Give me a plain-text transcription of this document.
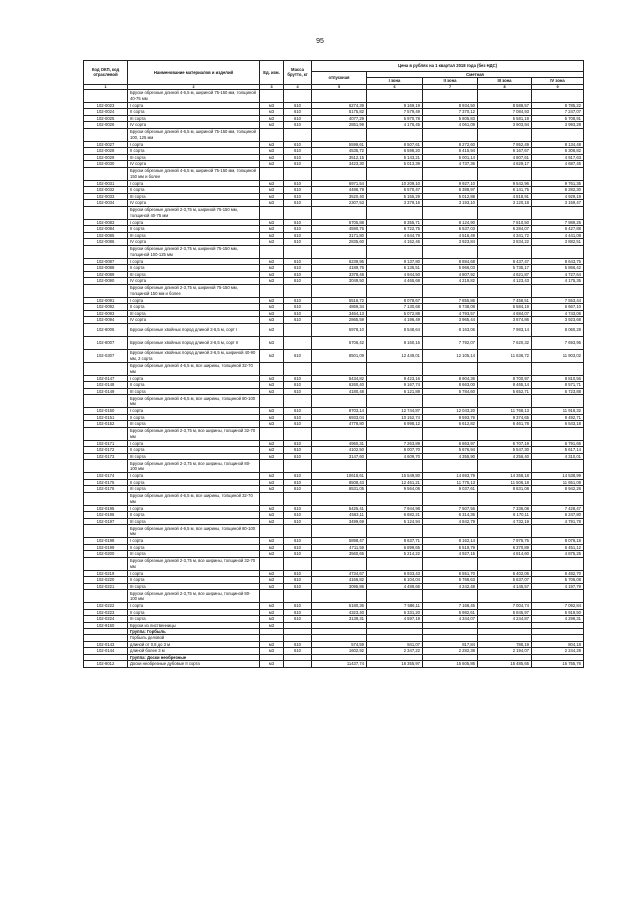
95
Код ОКП, код отраслевой	Наименование материалов и изделий	Ед. изм.	Масса брутто, кг	Цена в рублях на 1 квартал 2018 года (без НДС)				
				отпускная	Сметная			
					I зона	II зона	III зона	IV зона
1	2	3	4	5	6	7	8	9
	Бруски обрезные длиной 4-6,5 м, шириной 75-150 мм, толщиной 40-75 мм							
102-0023	I сорта	м3	610	6274,39	9 169,19	8 934,50	8 588,57	8 785,22
102-0024	II сорта	м3	610	5175,82	7 579,49	7 370,12	7 084,93	7 247,07
102-0025	III сорта	м3	610	4077,29	5 970,78	5 805,83	5 581,19	5 708,91
102-0026	IV сорта	м3	610	2851,99	4 176,45	4 061,09	3 903,94	3 993,28
	Бруски обрезные длиной 4-6,5 м, шириной 75-150 мм, толщиной 100, 125 мм							
102-0027	I сорта	м3	610	5599,61	8 507,61	8 272,60	7 952,49	8 134,48
102-0028	II сорта	м3	610	4535,72	6 598,20	6 415,94	6 167,67	6 308,82
102-0029	III сорта	м3	610	3512,15	5 143,21	5 001,14	4 807,61	4 917,63
102-0030	IV сорта	м3	610	3423,30	5 013,39	4 737,36	4 629,17	4 687,45
	Бруски обрезные длиной 4-6,5 м, шириной 75-150 мм, толщиной 150 мм и более							
102-0031	I сорта	м3	610	6971,54	10 209,10	9 927,10	9 542,96	9 761,35
102-0032	II сорта	м3	610	4486,79	6 570,47	6 388,97	6 141,75	6 282,30
102-0033	III сорта	м3	610	3520,40	5 155,29	5 012,88	4 818,91	4 929,19
102-0034	IV сорта	м3	610	2307,53	3 379,16	3 193,10	3 120,18	3 159,47
	Бруски обрезные длиной 2-3,75 м, шириной 75-150 мм, толщиной 40-75 мм							
102-0083	I сорта	м3	610	5705,88	8 355,71	8 124,90	7 810,50	7 989,25
102-0084	II сорта	м3	610	4590,76	6 722,75	6 537,03	6 284,07	6 427,88
102-0085	III сорта	м3	610	3171,80	4 644,79	4 516,49	4 341,72	4 441,08
102-0086	IV сорта	м3	610	2835,60	4 152,46	3 923,84	3 834,22	3 882,51
	Бруски обрезные длиной 2-3,75 м, шириной 75-150 мм, толщиной 100-125 мм							
102-0087	I сорта	м3	610	6239,95	9 137,80	8 884,68	8 437,47	8 643,75
102-0088	II сорта	м3	610	4189,76	6 135,51	5 966,03	5 735,17	5 866,42
102-0089	III сорта	м3	610	3378,48	4 944,50	4 807,92	4 621,87	4 727,64
102-0090	IV сорта	м3	610	3049,50	4 465,68	4 219,82	4 123,43	4 175,35
	Бруски обрезные длиной 2-3,75 м, шириной 75-150 мм, толщиной 150 мм и более							
102-0091	I сорта	м3	610	5516,72	8 078,67	7 855,86	7 458,51	7 553,44
102-0092	II сорта	м3	610	4869,34	7 130,68	6 738,08	6 584,19	6 667,10
102-0093	III сорта	м3	610	3464,13	5 072,88	4 793,57	4 684,07	4 743,06
102-0094	IV сорта	м3	610	2865,59	4 196,49	3 965,44	3 874,86	3 923,68
102-8006	Бруски обрезные хвойных пород длиной 2-6,5 м, сорт I	м3		5978,10	8 548,64	8 163,06	7 983,14	8 060,28
102-8007	Бруски обрезные хвойных пород длиной 2-6,5 м, сорт II	м3		5706,42	8 160,15	7 792,07	7 620,32	7 693,95
102-0307	Бруски обрезные хвойных пород длиной 2-6,5 м, шириной 40-90 мм, 2 сорта	м3	610	8501,09	12 449,01	12 105,14	11 636,72	11 903,02
	Бруски обрезные длиной 4-6,5 м, все ширины, толщиной 32-70 мм							
102-0147	I сорта	м3	610	5434,82	9 423,16	8 904,36	8 700,97	8 810,56
102-0148	II сорта	м3	610	6260,40	9 167,74	8 663,00	8 465,14	8 571,71
102-0149	III сорта	м3	610	4180,48	6 121,89	5 784,60	5 652,71	5 723,88
	Бруски обрезные длиной 4-6,5 м, все ширины, толщиной 80-100 мм							
102-0150	I сорта	м3	610	8703,14	12 744,87	12 043,20	11 768,13	11 916,32
102-0151	II сорта	м3	610	6933,04	10 152,74	9 593,76	9 374,65	9 492,71
102-0152	III сорта	м3	610	4778,80	6 998,12	6 612,82	6 461,78	6 543,18
	Бруски обрезные длиной 2-3,75 м, все ширины, толщиной 32-70 мм							
102-0171	I сорта	м3	610	4960,31	7 263,89	6 863,97	6 707,19	6 791,65
102-0172	II сорта	м3	610	4102,50	6 007,70	5 676,94	5 547,30	5 617,14
102-0173	III сорта	м3	610	3147,60	4 609,70	4 355,90	4 256,40	4 310,01
	Бруски обрезные длиной 2-3,75 м, все ширины, толщиной 80-100 мм							
102-0174	I сорта	м3	610	10618,61	15 549,80	14 693,79	14 358,18	14 538,99
102-0175	II сорта	м3	610	8508,43	12 461,21	11 775,13	11 506,18	11 651,08
102-0176	III сорта	м3	610	6531,05	9 564,06	9 037,61	8 831,08	8 942,28
	Бруски обрезные длиной 4-6,5 м, все ширины, толщиной 32-70 мм							
102-0195	I сорта	м3	610	5425,41	7 944,98	7 507,56	7 336,08	7 428,47
102-0196	II сорта	м3	610	4563,11	6 682,21	6 314,36	6 170,11	6 247,80
102-0197	III сорта	м3	610	3499,69	5 124,94	4 842,79	4 732,19	4 791,78
	Бруски обрезные длиной 4-6,5 м, все ширины, толщиной 80-100 мм							
102-0198	I сорта	м3	610	5898,47	8 637,71	8 162,14	7 975,75	8 076,18
102-0199	II сорта	м3	610	4711,59	6 899,65	6 519,79	6 370,89	6 451,12
102-0200	III сорта	м3	610	3560,65	5 214,22	4 927,15	4 814,60	4 875,25
	Бруски обрезные длиной 2-3,75 м, все ширины, толщиной 32-70 мм							
102-0219	I сорта	м3	610	4734,67	6 933,43	6 551,70	6 402,06	6 482,70
102-0220	II сорта	м3	610	4166,82	6 104,04	5 768,63	5 637,07	5 706,08
102-0221	III сорта	м3	610	3095,86	4 489,66	4 242,48	4 145,57	4 197,79
	Бруски обрезные длиной 2-3,75 м, все ширины, толщиной 80-100 мм							
102-0222	I сорта	м3	610	5180,36	7 586,11	7 168,45	7 004,74	7 092,84
102-0223	II сорта	м3	610	4323,40	6 331,20	5 982,61	5 845,97	5 919,50
102-0224	III сорта	м3	610	3139,31	4 597,19	4 344,07	4 244,87	4 298,31
102-9150	Бруски из лиственницы	м3						
	Группа: Горбыль							
	Горбыль деловой							
102-0143	длиной от 0,8 до 3 м	м3	610	574,59	841,07	817,84	786,19	804,18
102-0144	длиной более 3 м	м3	610	1602,92	2 347,22	2 282,38	2 194,07	2 244,28
	Группа: Доски необрезные							
102-8012	Доски необрезные дубовые II сорта	м3		11437,74	16 355,97	15 605,86	15 485,65	15 755,76
